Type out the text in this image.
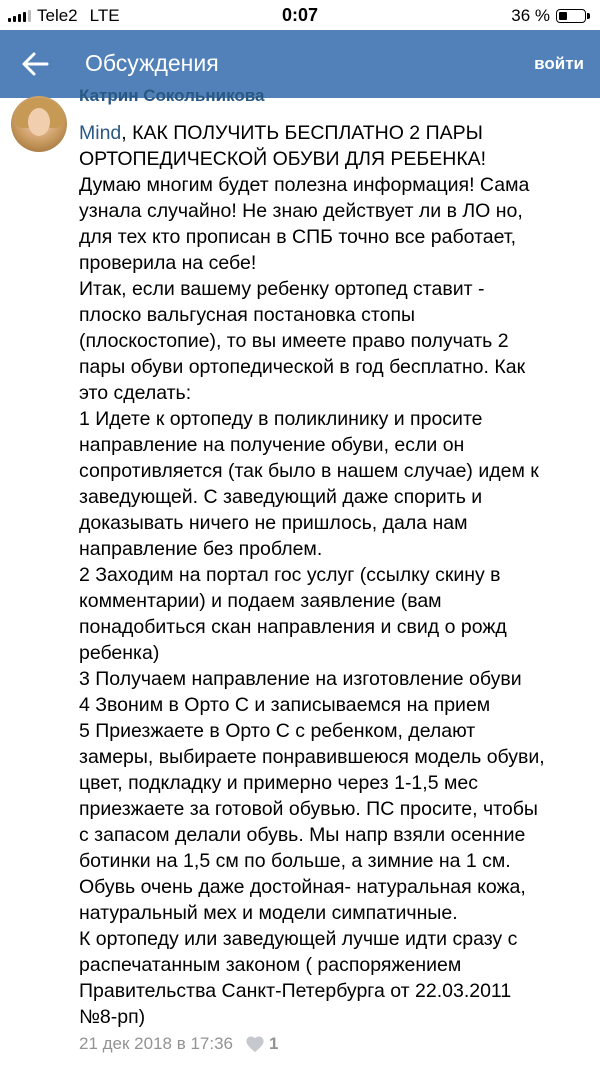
Tele2 LTE	0:07	36 %
Обсуждения	войти
Катрин Сокольникова
Mind, КАК ПОЛУЧИТЬ БЕСПЛАТНО 2 ПАРЫ
ОРТОПЕДИЧЕСКОЙ ОБУВИ ДЛЯ РЕБЕНКА!
Думаю многим будет полезна информация! Сама
узнала случайно! Не знаю действует ли в ЛО но,
для тех кто прописан в СПБ точно все работает,
проверила на себе!
Итак, если вашему ребенку ортопед ставит -
плоско вальгусная постановка стопы
(плоскостопие), то вы имеете право получать 2
пары обуви ортопедической в год бесплатно. Как
это сделать:
1 Идете к ортопеду в поликлинику и просите
направление на получение обуви, если он
сопротивляется (так было в нашем случае) идем к
заведующей. С заведующий даже спорить и
доказывать ничего не пришлось, дала нам
направление без проблем.
2 Заходим на портал гос услуг (ссылку скину в
комментарии) и подаем заявление (вам
понадобиться скан направления и свид о рожд
ребенка)
3 Получаем направление на изготовление обуви
4 Звоним в Орто С и записываемся на прием
5 Приезжаете в Орто С с ребенком, делают
замеры, выбираете понравившеюся модель обуви,
цвет, подкладку и примерно через 1-1,5 мес
приезжаете за готовой обувью. ПС просите, чтобы
с запасом делали обувь. Мы напр взяли осенние
ботинки на 1,5 см по больше, а зимние на 1 см.
Обувь очень даже достойная- натуральная кожа,
натуральный мех и модели симпатичные.
К ортопеду или заведующей лучше идти сразу с
распечатанным законом ( распоряжением
Правительства Санкт-Петербурга от 22.03.2011
№8-рп)
21 дек 2018 в 17:36 1
